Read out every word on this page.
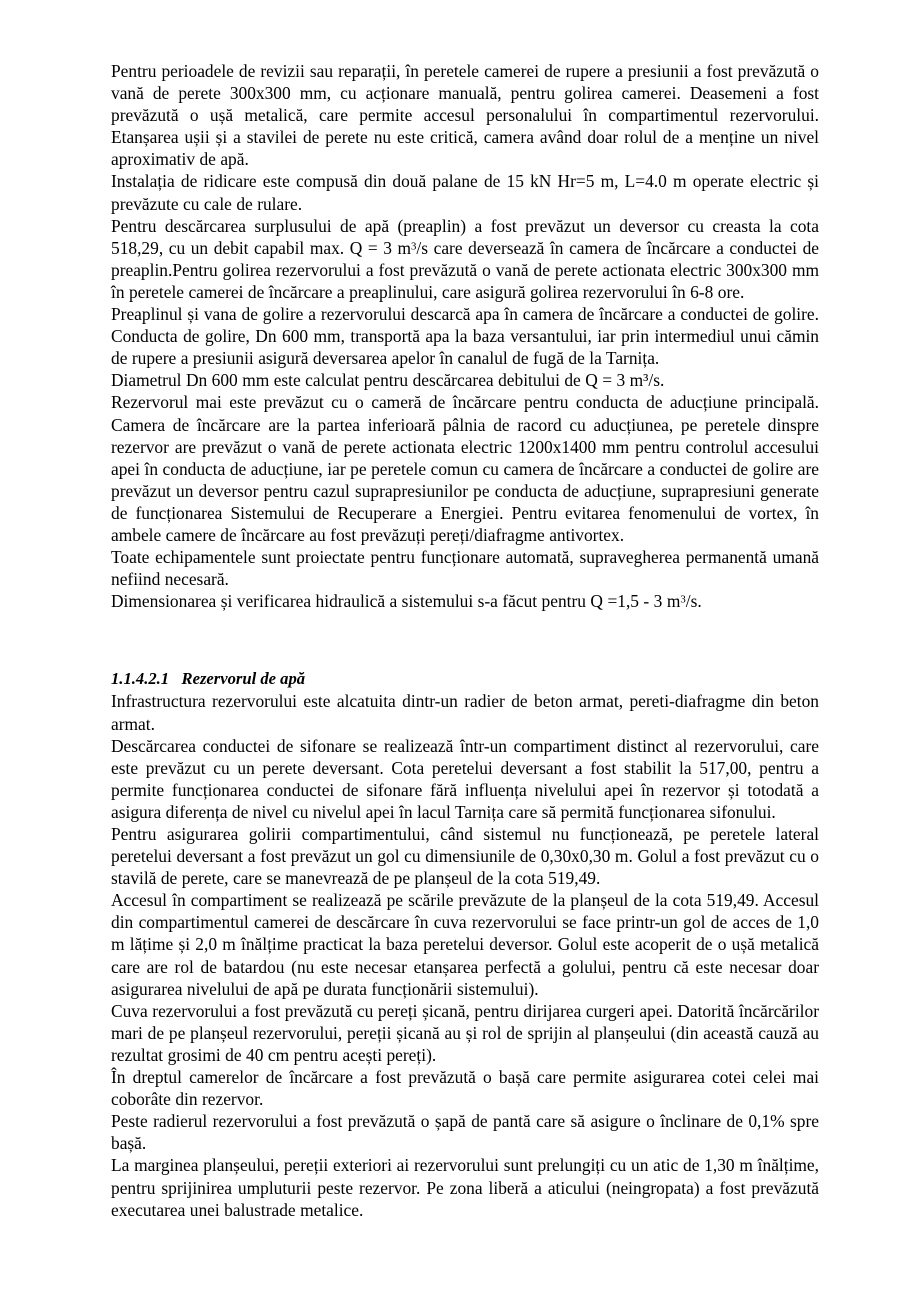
Pentru perioadele de revizii sau reparații, în peretele camerei de rupere a presiunii a fost prevăzută o vană de perete 300x300 mm, cu acționare manuală, pentru golirea camerei. Deasemeni a fost prevăzută o ușă metalică, care permite accesul personalului în compartimentul rezervorului. Etanșarea ușii și a stavilei de perete nu este critică, camera având doar rolul de a menține un nivel aproximativ de apă.

Instalația de ridicare este compusă din două palane de 15 kN Hr=5 m, L=4.0 m operate electric și prevăzute cu cale de rulare.

Pentru descărcarea surplusului de apă (preaplin) a fost prevăzut un deversor cu creasta la cota 518,29, cu un debit capabil max. Q = 3 $m^3/s$ care deversează în camera de încărcare a conductei de preaplin.Pentru golirea rezervorului a fost prevăzută o vană de perete actionata electric 300x300 mm în peretele camerei de încărcare a preaplinului, care asigură golirea rezervorului în 6-8 ore.

Preaplinul și vana de golire a rezervorului descarcă apa în camera de încărcare a conductei de golire. Conducta de golire, Dn 600 mm, transportă apa la baza versantului, iar prin intermediul unui cămin de rupere a presiunii asigură deversarea apelor în canalul de fugă de la Tarnița.

Diametrul Dn 600 mm este calculat pentru descărcarea debitului de Q = 3 m³/s.

Rezervorul mai este prevăzut cu o cameră de încărcare pentru conducta de aducțiune principală. Camera de încărcare are la partea inferioară pâlnia de racord cu aducțiunea, pe peretele dinspre rezervor are prevăzut o vană de perete actionata electric 1200x1400 mm pentru controlul accesului apei în conducta de aducțiune, iar pe peretele comun cu camera de încărcare a conductei de golire are prevăzut un deversor pentru cazul suprapresiunilor pe conducta de aducțiune, suprapresiuni generate de funcționarea Sistemului de Recuperare a Energiei. Pentru evitarea fenomenului de vortex, în ambele camere de încărcare au fost prevăzuți pereți/diafragme antivortex.

Toate echipamentele sunt proiectate pentru funcționare automată, supravegherea permanentă umană nefiind necesară.

Dimensionarea și verificarea hidraulică a sistemului s-a făcut pentru Q =1,5 - 3 $m^3/s$.

1.1.4.2.1 Rezervorul de apă

Infrastructura rezervorului este alcatuita dintr-un radier de beton armat, pereti-diafragme din beton armat.

Descărcarea conductei de sifonare se realizează într-un compartiment distinct al rezervorului, care este prevăzut cu un perete deversant. Cota peretelui deversant a fost stabilit la 517,00, pentru a permite funcționarea conductei de sifonare fără influența nivelului apei în rezervor și totodată a asigura diferența de nivel cu nivelul apei în lacul Tarnița care să permită funcționarea sifonului.

Pentru asigurarea golirii compartimentului, când sistemul nu funcționează, pe peretele lateral peretelui deversant a fost prevăzut un gol cu dimensiunile de 0,30x0,30 m. Golul a fost prevăzut cu o stavilă de perete, care se manevrează de pe planșeul de la cota 519,49.

Accesul în compartiment se realizează pe scările prevăzute de la planșeul de la cota 519,49. Accesul din compartimentul camerei de descărcare în cuva rezervorului se face printr-un gol de acces de 1,0 m lățime și 2,0 m înălțime practicat la baza peretelui deversor. Golul este acoperit de o ușă metalică care are rol de batardou (nu este necesar etanșarea perfectă a golului, pentru că este necesar doar asigurarea nivelului de apă pe durata funcționării sistemului).

Cuva rezervorului a fost prevăzută cu pereți șicană, pentru dirijarea curgeri apei. Datorită încărcărilor mari de pe planșeul rezervorului, pereții șicană au și rol de sprijin al planșeului (din această cauză au rezultat grosimi de 40 cm pentru acești pereți).

În dreptul camerelor de încărcare a fost prevăzută o bașă care permite asigurarea cotei celei mai coborâte din rezervor.

Peste radierul rezervorului a fost prevăzută o șapă de pantă care să asigure o înclinare de 0,1% spre bașă.

La marginea planșeului, pereții exteriori ai rezervorului sunt prelungiți cu un atic de 1,30 m înălțime, pentru sprijinirea umpluturii peste rezervor. Pe zona liberă a aticului (neingropata) a fost prevăzută executarea unei balustrade metalice.
